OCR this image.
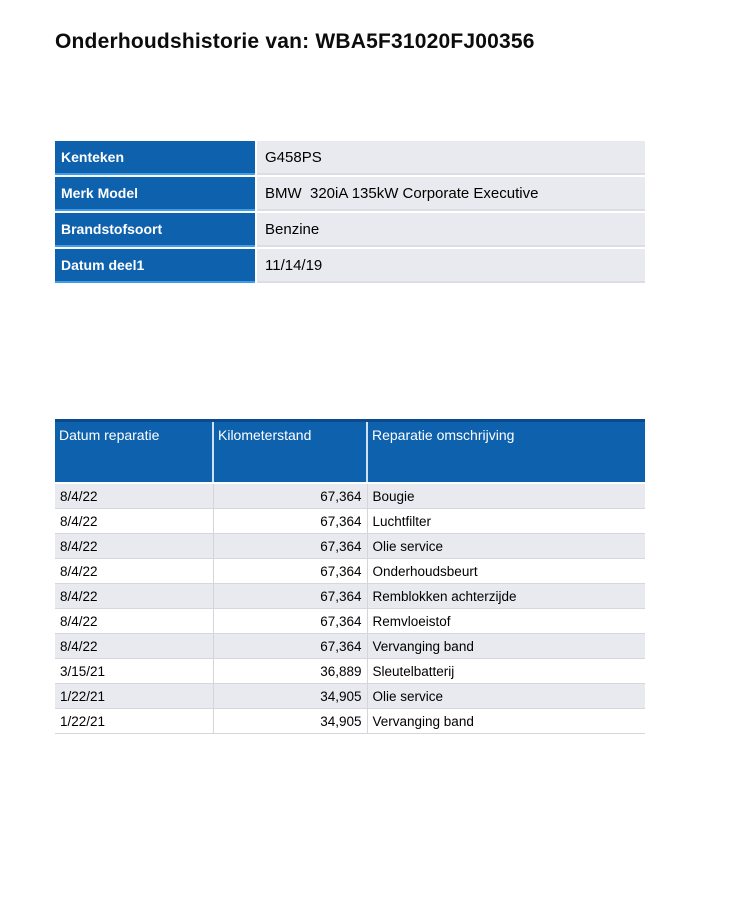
Onderhoudshistorie van: WBA5F31020FJ00356
Kenteken	G458PS
Merk Model	BMW  320iA 135kW Corporate Executive
Brandstofsoort	Benzine
Datum deel1	11/14/19
Datum reparatie	Kilometerstand	Reparatie omschrijving
8/4/22	67,364	Bougie
8/4/22	67,364	Luchtfilter
8/4/22	67,364	Olie service
8/4/22	67,364	Onderhoudsbeurt
8/4/22	67,364	Remblokken achterzijde
8/4/22	67,364	Remvloeistof
8/4/22	67,364	Vervanging band
3/15/21	36,889	Sleutelbatterij
1/22/21	34,905	Olie service
1/22/21	34,905	Vervanging band
